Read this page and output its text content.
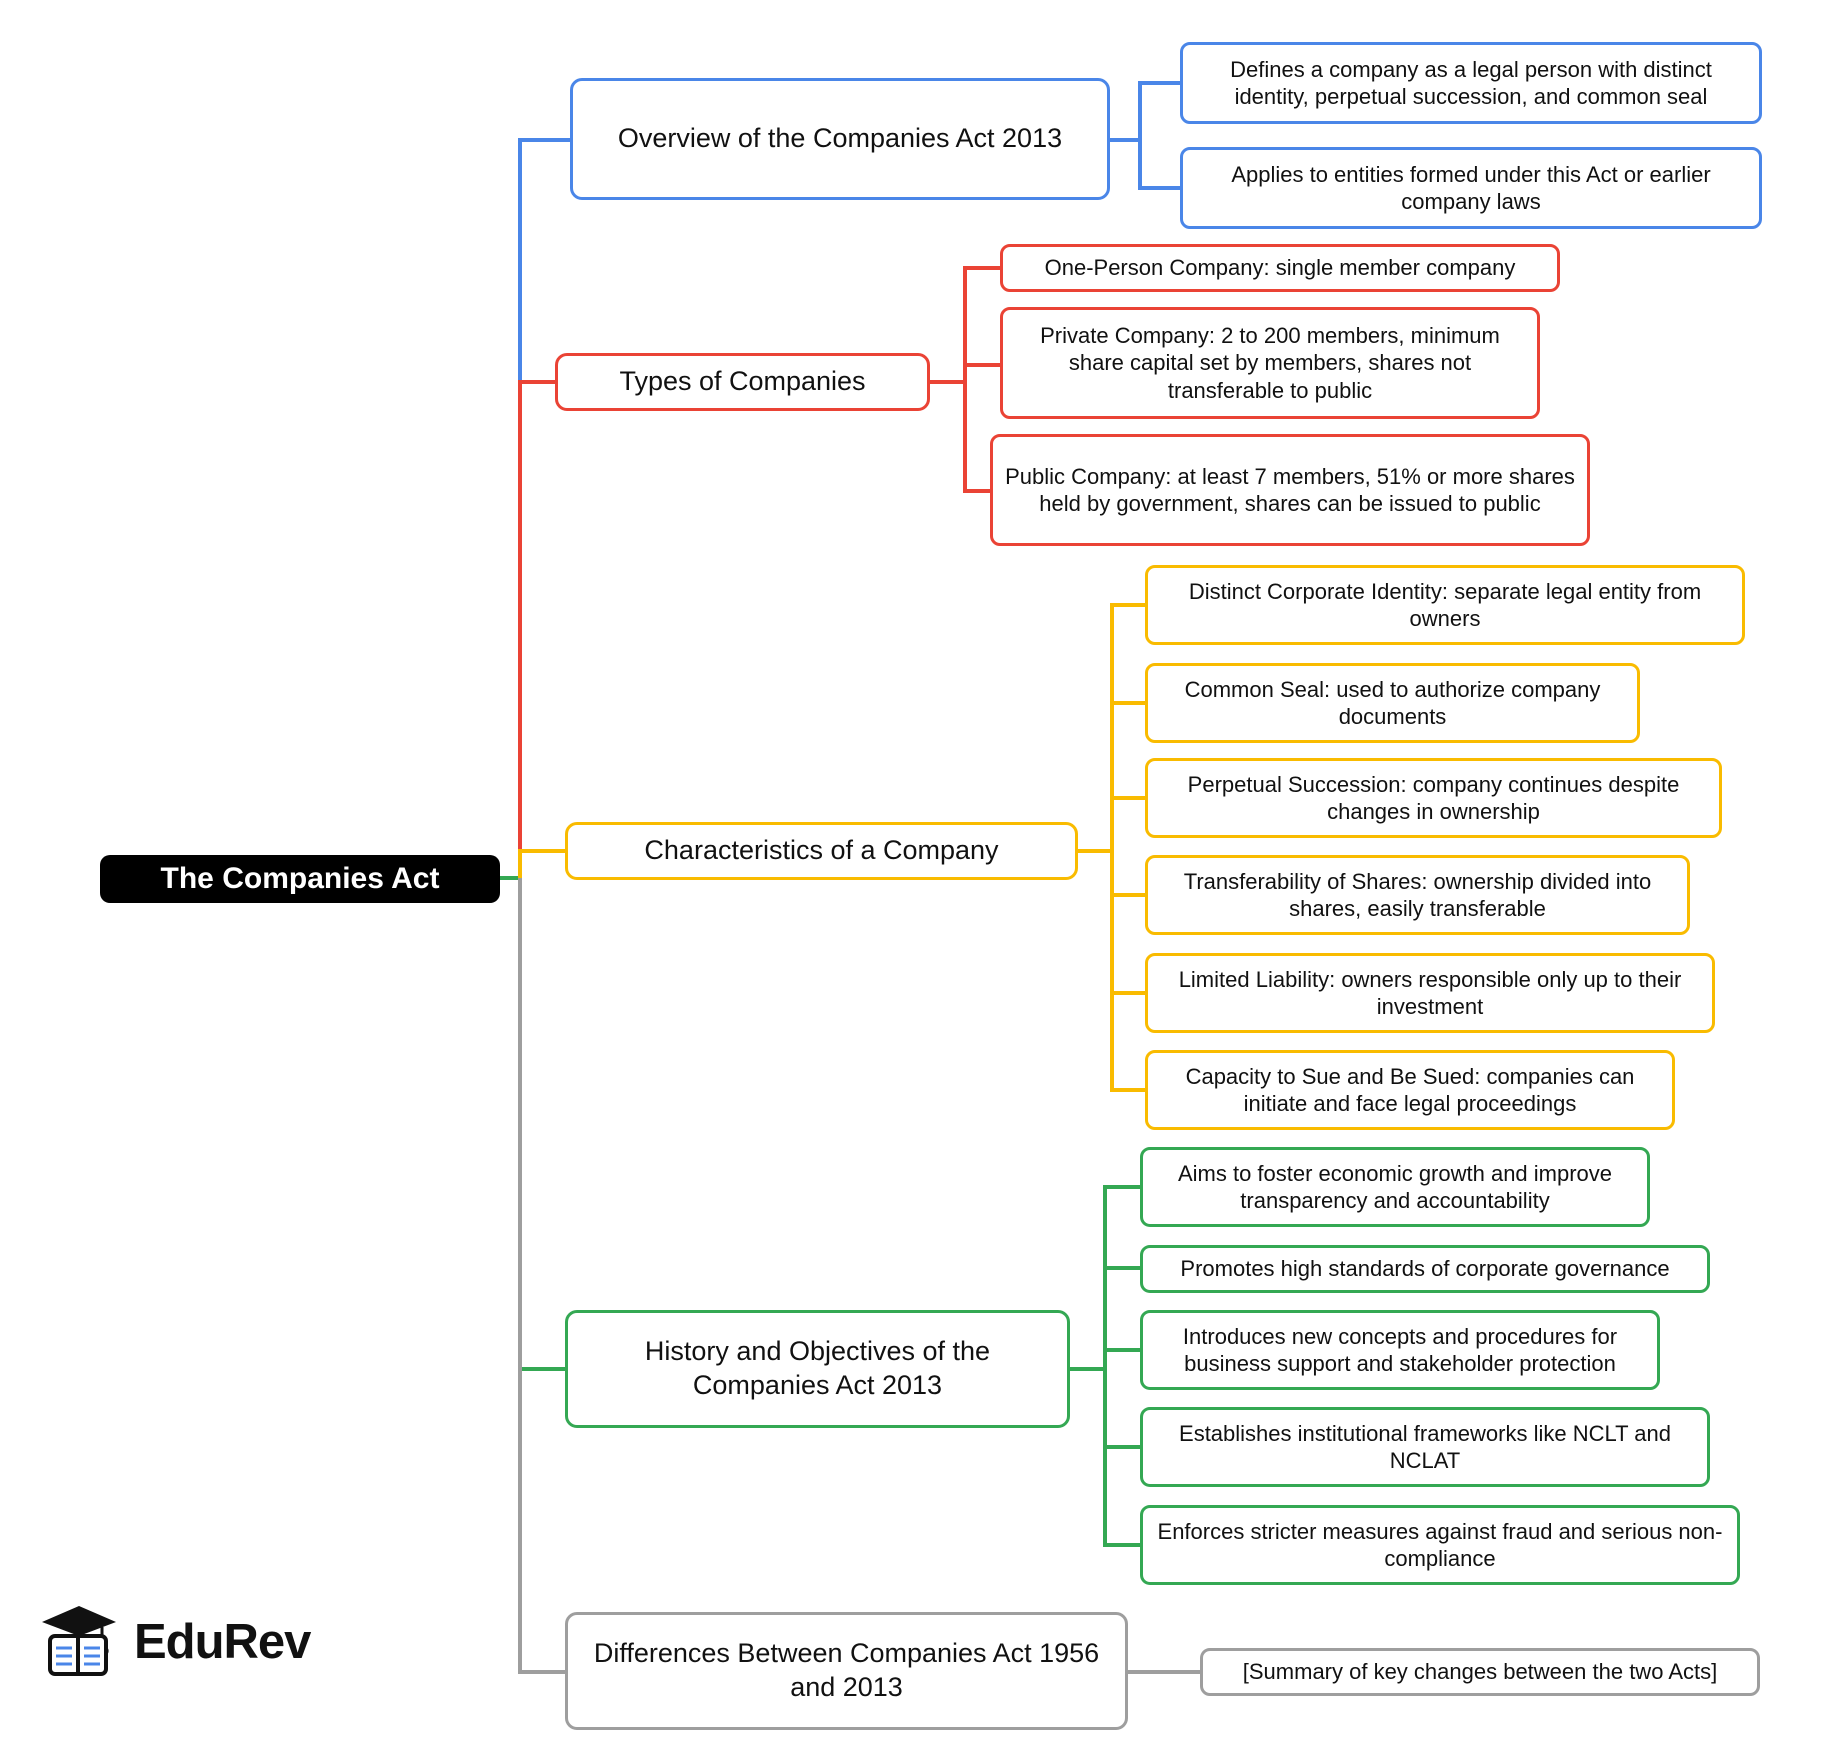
The Companies Act
Overview of the Companies Act 2013
Defines a company as a legal person with distinct identity, perpetual succession, and common seal
Applies to entities formed under this Act or earlier company laws
Types of Companies
One-Person Company: single member company
Private Company: 2 to 200 members, minimum share capital set by members, shares not transferable to public
Public Company: at least 7 members, 51% or more shares held by government, shares can be issued to public
Characteristics of a Company
Distinct Corporate Identity: separate legal entity from owners
Common Seal: used to authorize company documents
Perpetual Succession: company continues despite changes in ownership
Transferability of Shares: ownership divided into shares, easily transferable
Limited Liability: owners responsible only up to their investment
Capacity to Sue and Be Sued: companies can initiate and face legal proceedings
History and Objectives of the Companies Act 2013
Aims to foster economic growth and improve transparency and accountability
Promotes high standards of corporate governance
Introduces new concepts and procedures for business support and stakeholder protection
Establishes institutional frameworks like NCLT and NCLAT
Enforces stricter measures against fraud and serious non-compliance
Differences Between Companies Act 1956 and 2013
[Summary of key changes between the two Acts]
EduRev
